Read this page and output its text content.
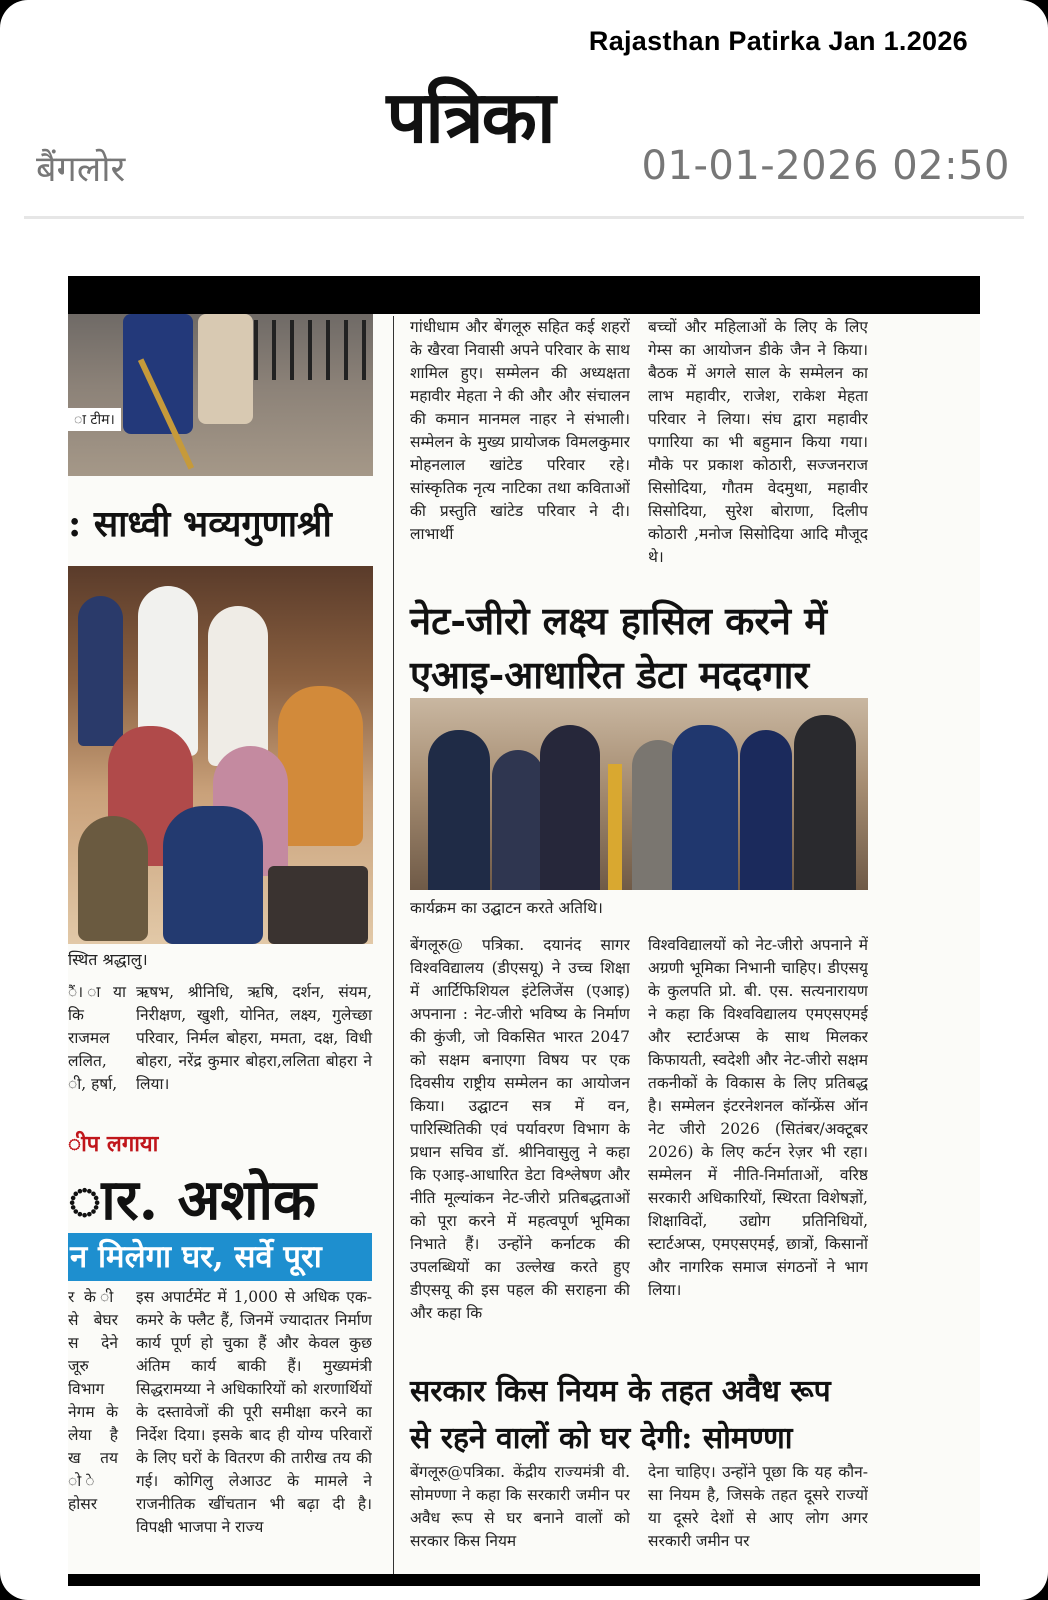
Rajasthan Patirka Jan 1.2026
पत्रिका
बैंगलोर	01-01-2026 02:50
ा टीम।
: साध्वी भव्यगुणाश्री
स्थित श्रद्धालु।
ैं। ाया कि राजमल ललित, ी, हर्षा,
ऋषभ, श्रीनिधि, ऋषि, दर्शन, संयम, निरीक्षण, खुशी, योनित, लक्ष्य, गुलेच्छा परिवार, निर्मल बोहरा, ममता, दक्ष, विधी बोहरा, नरेंद्र कुमार बोहरा,ललिता बोहरा ने लिया।
ीप लगाया
ार. अशोक
न मिलेगा घर, सर्वे पूरा
र के ी से बेघर स देने जूरु विभाग नेगम के लेया है ख तय ो े होसर
इस अपार्टमेंट में 1,000 से अधिक एक-कमरे के फ्लैट हैं, जिनमें ज्यादातर निर्माण कार्य पूर्ण हो चुका हैं और केवल कुछ अंतिम कार्य बाकी हैं। मुख्यमंत्री सिद्धरामय्या ने अधिकारियों को शरणार्थियों के दस्तावेजों की पूरी समीक्षा करने का निर्देश दिया। इसके बाद ही योग्य परिवारों के लिए घरों के वितरण की तारीख तय की गई। कोगिलु लेआउट के मामले ने राजनीतिक खींचतान भी बढ़ा दी है। विपक्षी भाजपा ने राज्य
गांधीधाम और बेंगलूरु सहित कई शहरों के खैरवा निवासी अपने परिवार के साथ शामिल हुए। सम्मेलन की अध्यक्षता महावीर मेहता ने की और और संचालन की कमान मानमल नाहर ने संभाली। सम्मेलन के मुख्य प्रायोजक विमलकुमार मोहनलाल खांटेड परिवार रहे। सांस्कृतिक नृत्य नाटिका तथा कविताओं की प्रस्तुति खांटेड परिवार ने दी। लाभार्थी
बच्चों और महिलाओं के लिए के लिए गेम्स का आयोजन डीके जैन ने किया। बैठक में अगले साल के सम्मेलन का लाभ महावीर, राजेश, राकेश मेहता परिवार ने लिया। संघ द्वारा महावीर पगारिया का भी बहुमान किया गया। मौके पर प्रकाश कोठारी, सज्जनराज सिसोदिया, गौतम वेदमुथा, महावीर सिसोदिया, सुरेश बोराणा, दिलीप कोठारी ,मनोज सिसोदिया आदि मौजूद थे।
नेट-जीरो लक्ष्य हासिल करने में
एआइ-आधारित डेटा मददगार
कार्यक्रम का उद्घाटन करते अतिथि।
बेंगलूरु@ पत्रिका. दयानंद सागर विश्वविद्यालय (डीएसयू) ने उच्च शिक्षा में आर्टिफिशियल इंटेलिजेंस (एआइ) अपनाना : नेट-जीरो भविष्य के निर्माण की कुंजी, जो विकसित भारत 2047 को सक्षम बनाएगा विषय पर एक दिवसीय राष्ट्रीय सम्मेलन का आयोजन किया। उद्घाटन सत्र में वन, पारिस्थितिकी एवं पर्यावरण विभाग के प्रधान सचिव डॉ. श्रीनिवासुलु ने कहा कि एआइ-आधारित डेटा विश्लेषण और नीति मूल्यांकन नेट-जीरो प्रतिबद्धताओं को पूरा करने में महत्वपूर्ण भूमिका निभाते हैं। उन्होंने कर्नाटक की उपलब्धियों का उल्लेख करते हुए डीएसयू की इस पहल की सराहना की और कहा कि
विश्वविद्यालयों को नेट-जीरो अपनाने में अग्रणी भूमिका निभानी चाहिए। डीएसयू के कुलपति प्रो. बी. एस. सत्यनारायण ने कहा कि विश्वविद्यालय एमएसएमई और स्टार्टअप्स के साथ मिलकर किफायती, स्वदेशी और नेट-जीरो सक्षम तकनीकों के विकास के लिए प्रतिबद्ध है। सम्मेलन इंटरनेशनल कॉन्फ्रेंस ऑन नेट जीरो 2026 (सितंबर/अक्टूबर 2026) के लिए कर्टन रेज़र भी रहा। सम्मेलन में नीति-निर्माताओं, वरिष्ठ सरकारी अधिकारियों, स्थिरता विशेषज्ञों, शिक्षाविदों, उद्योग प्रतिनिधियों, स्टार्टअप्स, एमएसएमई, छात्रों, किसानों और नागरिक समाज संगठनों ने भाग लिया।
सरकार किस नियम के तहत अवैध रूप
से रहने वालों को घर देगी: सोमण्णा
बेंगलूरु@पत्रिका. केंद्रीय राज्यमंत्री वी. सोमण्णा ने कहा कि सरकारी जमीन पर अवैध रूप से घर बनाने वालों को सरकार किस नियम
देना चाहिए। उन्होंने पूछा कि यह कौन-सा नियम है, जिसके तहत दूसरे राज्यों या दूसरे देशों से आए लोग अगर सरकारी जमीन पर
